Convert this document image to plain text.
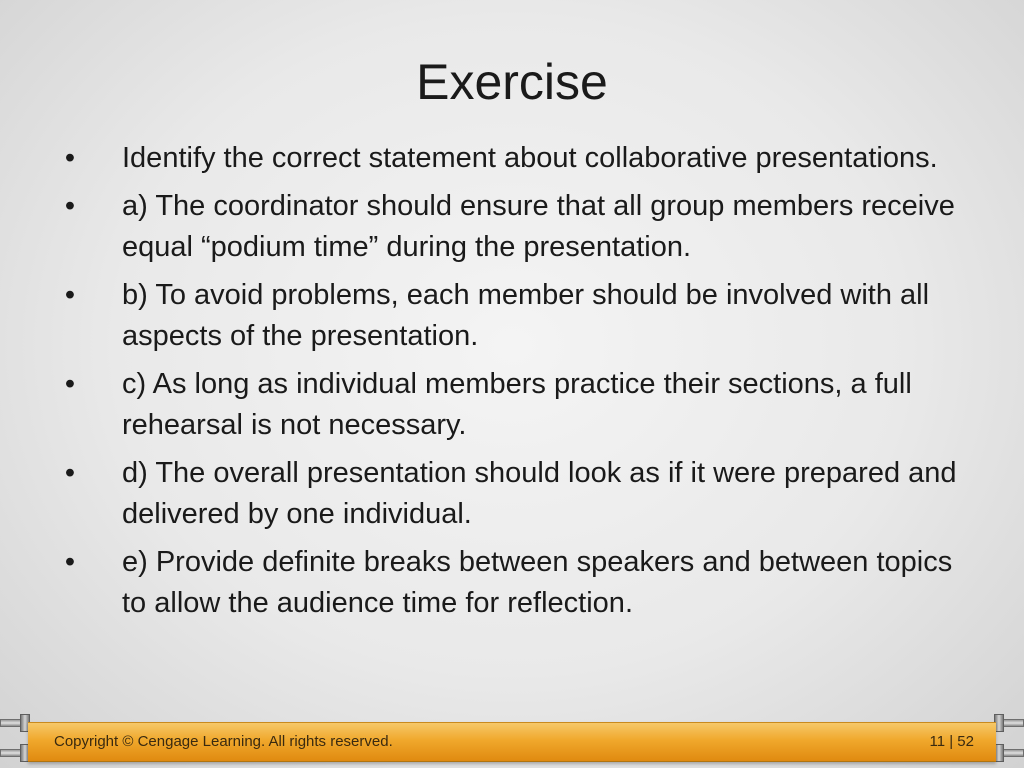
Exercise
• Identify the correct statement about collaborative presentations.
• a) The coordinator should ensure that all group members receive equal “podium time” during the presentation.
• b) To avoid problems, each member should be involved with all aspects of the presentation.
• c) As long as individual members practice their sections, a full rehearsal is not necessary.
• d) The overall presentation should look as if it were prepared and delivered by one individual.
• e) Provide definite breaks between speakers and between topics to allow the audience time for reflection.
Copyright © Cengage Learning. All rights reserved.	11 | 52
